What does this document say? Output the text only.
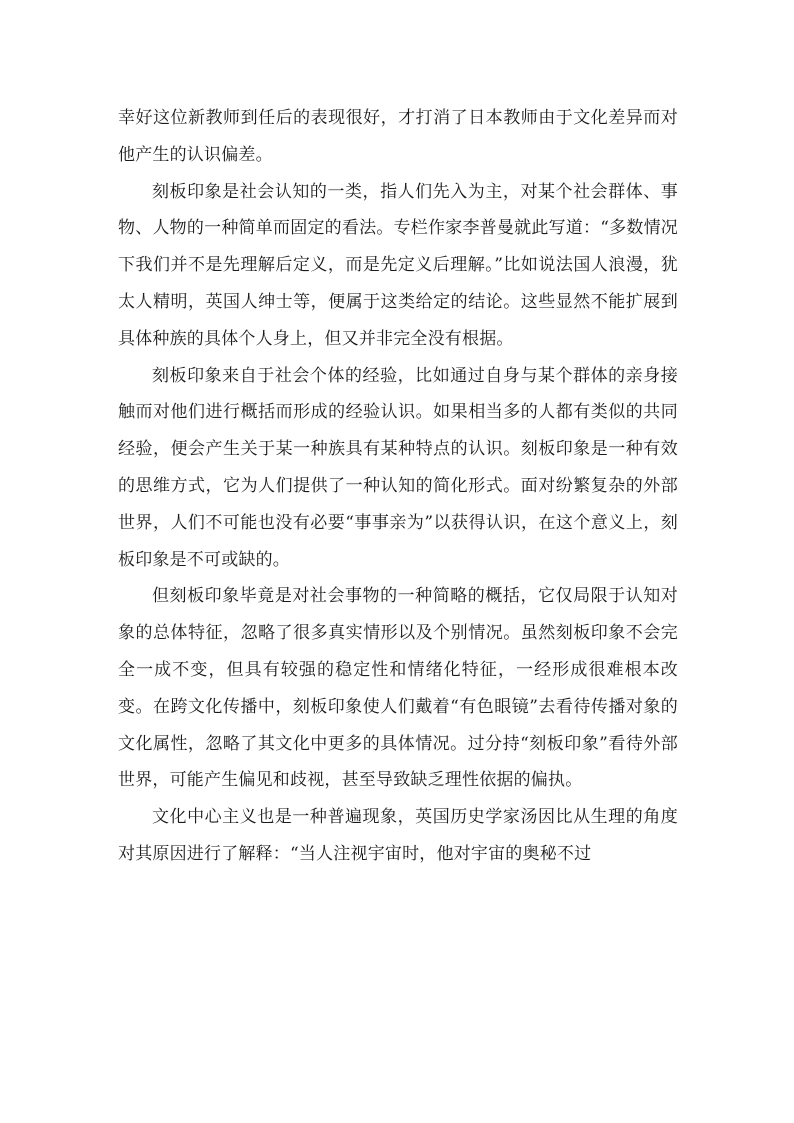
幸好这位新教师到任后的表现很好，才打消了日本教师由于文化差异而对他产生的认识偏差。

刻板印象是社会认知的一类，指人们先入为主，对某个社会群体、事物、人物的一种简单而固定的看法。专栏作家李普曼就此写道：“多数情况下我们并不是先理解后定义，而是先定义后理解。”比如说法国人浪漫，犹太人精明，英国人绅士等，便属于这类给定的结论。这些显然不能扩展到具体种族的具体个人身上，但又并非完全没有根据。

刻板印象来自于社会个体的经验，比如通过自身与某个群体的亲身接触而对他们进行概括而形成的经验认识。如果相当多的人都有类似的共同经验，便会产生关于某一种族具有某种特点的认识。刻板印象是一种有效的思维方式，它为人们提供了一种认知的简化形式。面对纷繁复杂的外部世界，人们不可能也没有必要“事事亲为”以获得认识，在这个意义上，刻板印象是不可或缺的。

但刻板印象毕竟是对社会事物的一种简略的概括，它仅局限于认知对象的总体特征，忽略了很多真实情形以及个别情况。虽然刻板印象不会完全一成不变，但具有较强的稳定性和情绪化特征，一经形成很难根本改变。在跨文化传播中，刻板印象使人们戴着“有色眼镜”去看待传播对象的文化属性，忽略了其文化中更多的具体情况。过分持“刻板印象”看待外部世界，可能产生偏见和歧视，甚至导致缺乏理性依据的偏执。

文化中心主义也是一种普遍现象，英国历史学家汤因比从生理的角度对其原因进行了解释：“当人注视宇宙时，他对宇宙的奥秘不过
